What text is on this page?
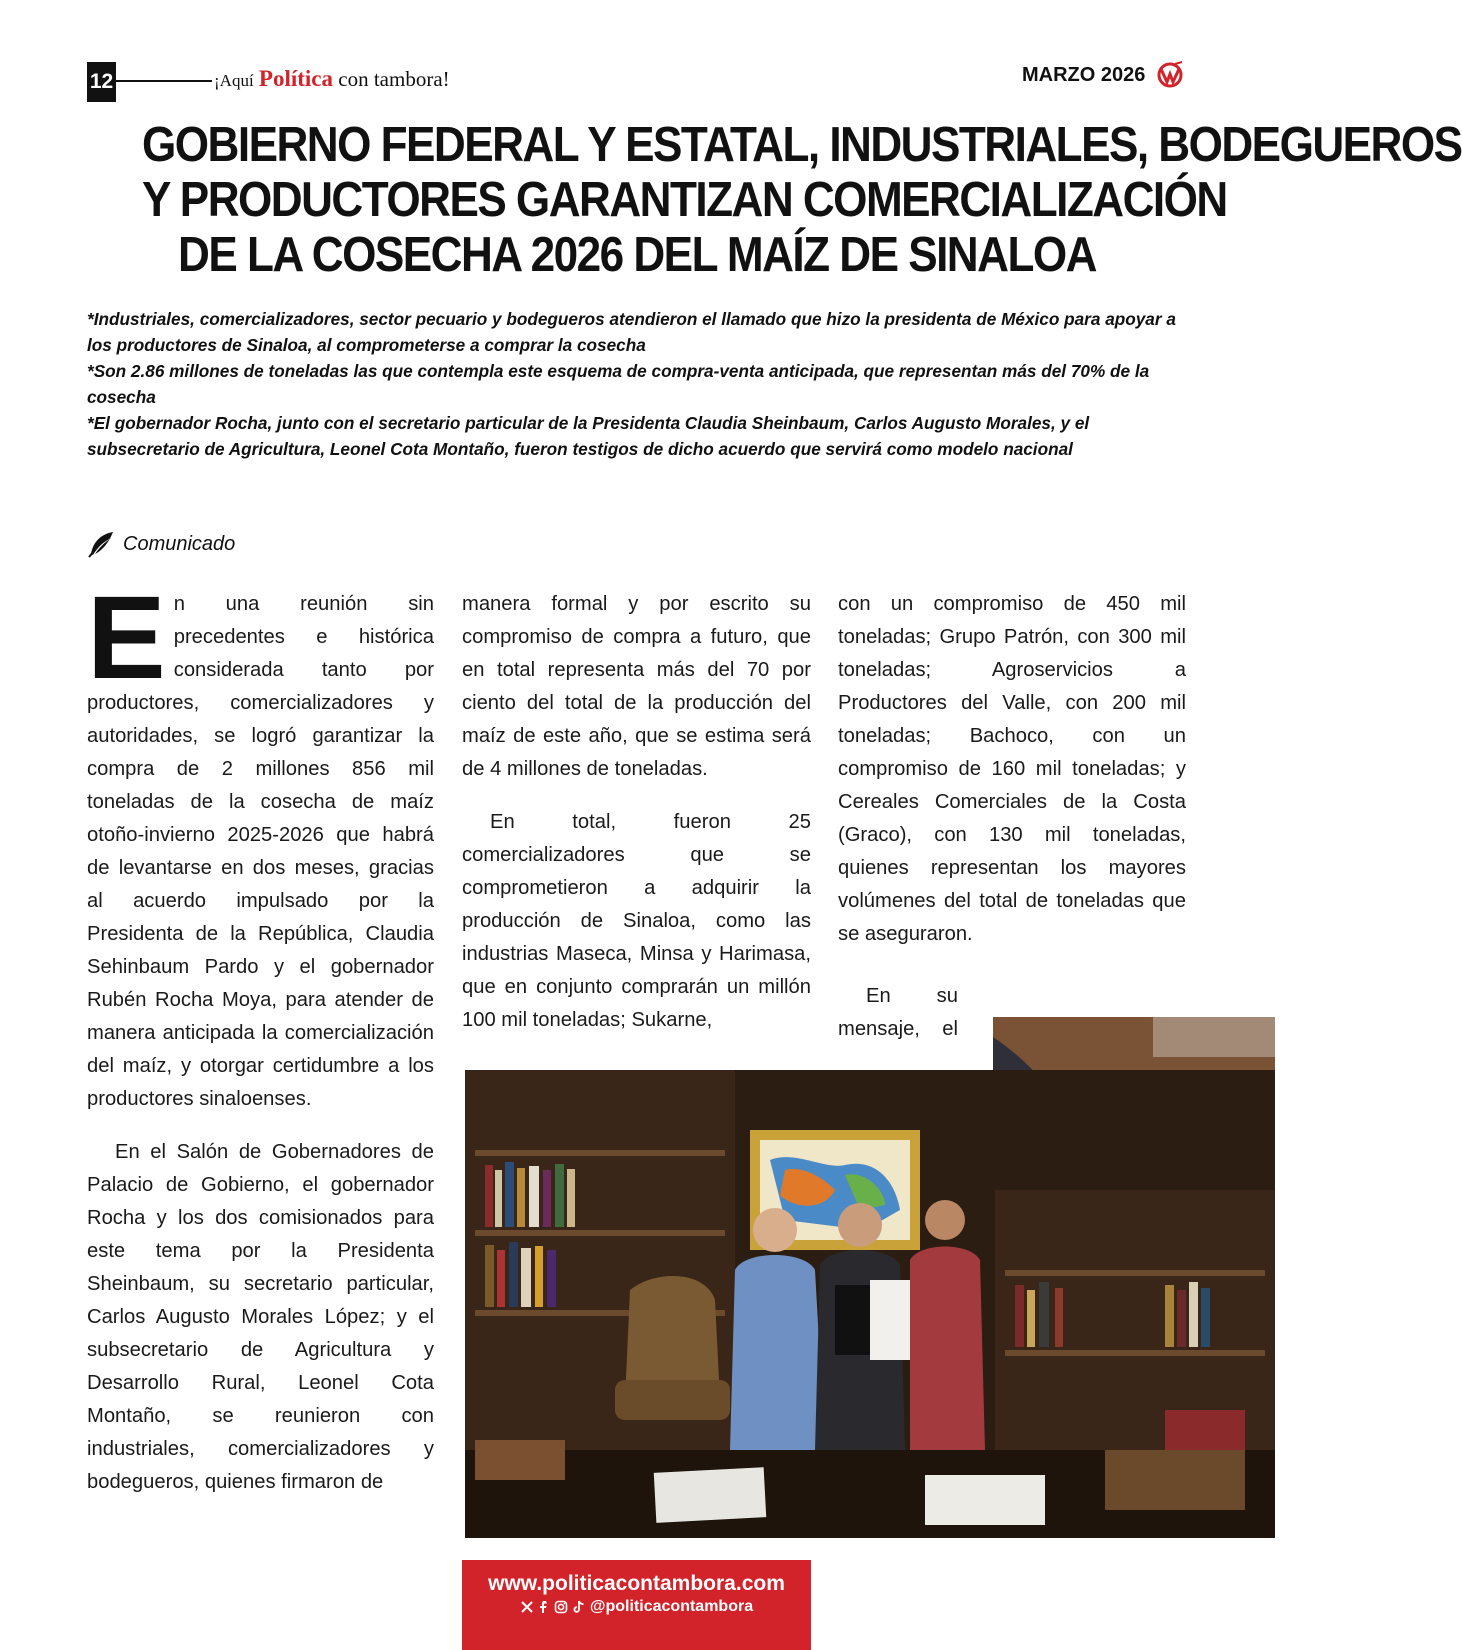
12	¡Aquí Política con tambora!	MARZO 2026
GOBIERNO FEDERAL Y ESTATAL, INDUSTRIALES, BODEGUEROS
Y PRODUCTORES GARANTIZAN COMERCIALIZACIÓN
DE LA COSECHA 2026 DEL MAÍZ DE SINALOA

*Industriales, comercializadores, sector pecuario y bodegueros atendieron el llamado que hizo la presidenta de México para apoyar a los productores de Sinaloa, al comprometerse a comprar la cosecha

*Son 2.86 millones de toneladas las que contempla este esquema de compra-venta anticipada, que representan más del 70% de la cosecha

*El gobernador Rocha, junto con el secretario particular de la Presidenta Claudia Sheinbaum, Carlos Augusto Morales, y el subsecretario de Agricultura, Leonel Cota Montaño, fueron testigos de dicho acuerdo que servirá como modelo nacional

Comunicado

En una reunión sin precedentes e histórica considerada tanto por productores, comercializadores y autoridades, se logró garantizar la compra de 2 millones 856 mil toneladas de la cosecha de maíz otoño-invierno 2025-2026 que habrá de levantarse en dos meses, gracias al acuerdo impulsado por la Presidenta de la República, Claudia Sehinbaum Pardo y el gobernador Rubén Rocha Moya, para atender de manera anticipada la comercialización del maíz, y otorgar certidumbre a los productores sinaloenses.

En el Salón de Gobernadores de Palacio de Gobierno, el gobernador Rocha y los dos comisionados para este tema por la Presidenta Sheinbaum, su secretario particular, Carlos Augusto Morales López; y el subsecretario de Agricultura y Desarrollo Rural, Leonel Cota Montaño, se reunieron con industriales, comercializadores y bodegueros, quienes firmaron de

manera formal y por escrito su compromiso de compra a futuro, que en total representa más del 70 por ciento del total de la producción del maíz de este año, que se estima será de 4 millones de toneladas.

En total, fueron 25 comercializadores que se comprometieron a adquirir la producción de Sinaloa, como las industrias Maseca, Minsa y Harimasa, que en conjunto comprarán un millón 100 mil toneladas; Sukarne,

con un compromiso de 450 mil toneladas; Grupo Patrón, con 300 mil toneladas; Agroservicios a Productores del Valle, con 200 mil toneladas; Bachoco, con un compromiso de 160 mil toneladas; y Cereales Comerciales de la Costa (Graco), con 130 mil toneladas, quienes representan los mayores volúmenes del total de toneladas que se aseguraron.

En su mensaje, el
www.politicacontambora.com
@politicacontambora
